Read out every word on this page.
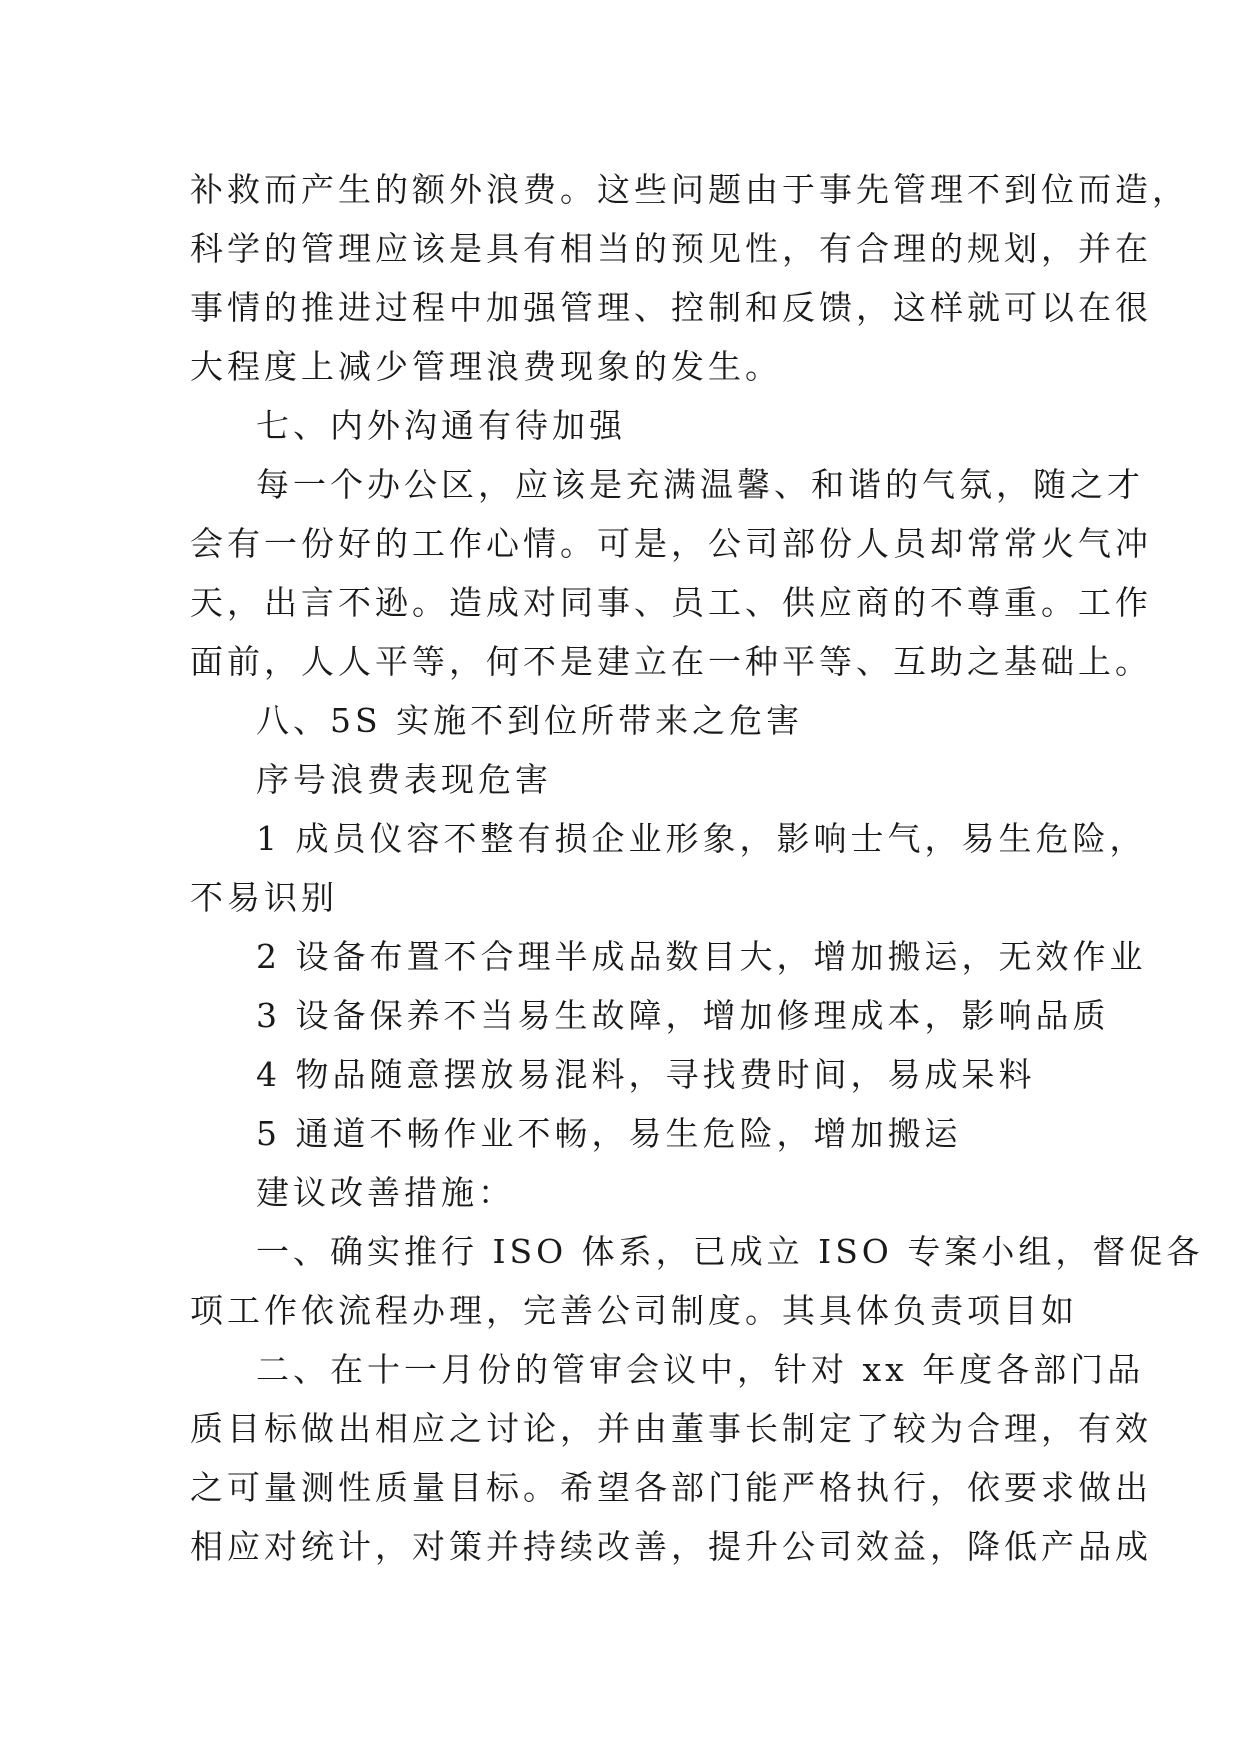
补救而产生的额外浪费。这些问题由于事先管理不到位而造，
科学的管理应该是具有相当的预见性，有合理的规划，并在
事情的推进过程中加强管理、控制和反馈，这样就可以在很
大程度上减少管理浪费现象的发生。
七、内外沟通有待加强
每一个办公区，应该是充满温馨、和谐的气氛，随之才
会有一份好的工作心情。可是，公司部份人员却常常火气冲
天，出言不逊。造成对同事、员工、供应商的不尊重。工作
面前，人人平等，何不是建立在一种平等、互助之基础上。
八、5S 实施不到位所带来之危害
序号浪费表现危害
1 成员仪容不整有损企业形象，影响士气，易生危险，
不易识别
2 设备布置不合理半成品数目大，增加搬运，无效作业
3 设备保养不当易生故障，增加修理成本，影响品质
4 物品随意摆放易混料，寻找费时间，易成呆料
5 通道不畅作业不畅，易生危险，增加搬运
建议改善措施：
一、确实推行 ISO 体系，已成立 ISO 专案小组，督促各
项工作依流程办理，完善公司制度。其具体负责项目如
二、在十一月份的管审会议中，针对 xx 年度各部门品
质目标做出相应之讨论，并由董事长制定了较为合理，有效
之可量测性质量目标。希望各部门能严格执行，依要求做出
相应对统计，对策并持续改善，提升公司效益，降低产品成
